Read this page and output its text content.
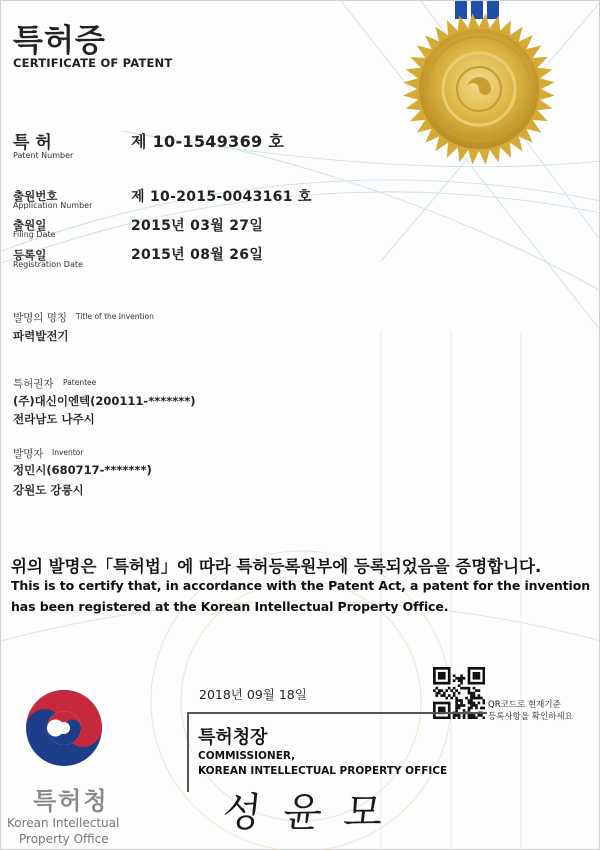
특허증
CERTIFICATE OF PATENT
특 허
Patent Number
제 10-1549369 호
출원번호
Application Number
제 10-2015-0043161 호
출원일
Filing Date
2015년 03월 27일
등록일
Registration Date
2015년 08월 26일
발명의 명칭 Title of the Invention
파력발전기
특허권자 Patentee
(주)대신이엔텍(200111-*******)
전라남도 나주시
발명자 Inventor
정민시(680717-*******)
강원도 강릉시
위의 발명은「특허법」에 따라 특허등록원부에 등록되었음을 증명합니다.
This is to certify that, in accordance with the Patent Act, a patent for the invention
has been registered at the Korean Intellectual Property Office.
2018년 09월 18일
QR코드로 현재기준
등록사항을 확인하세요
특허청장
COMMISSIONER,
KOREAN INTELLECTUAL PROPERTY OFFICE
성윤모
특허청
Korean Intellectual
Property Office
